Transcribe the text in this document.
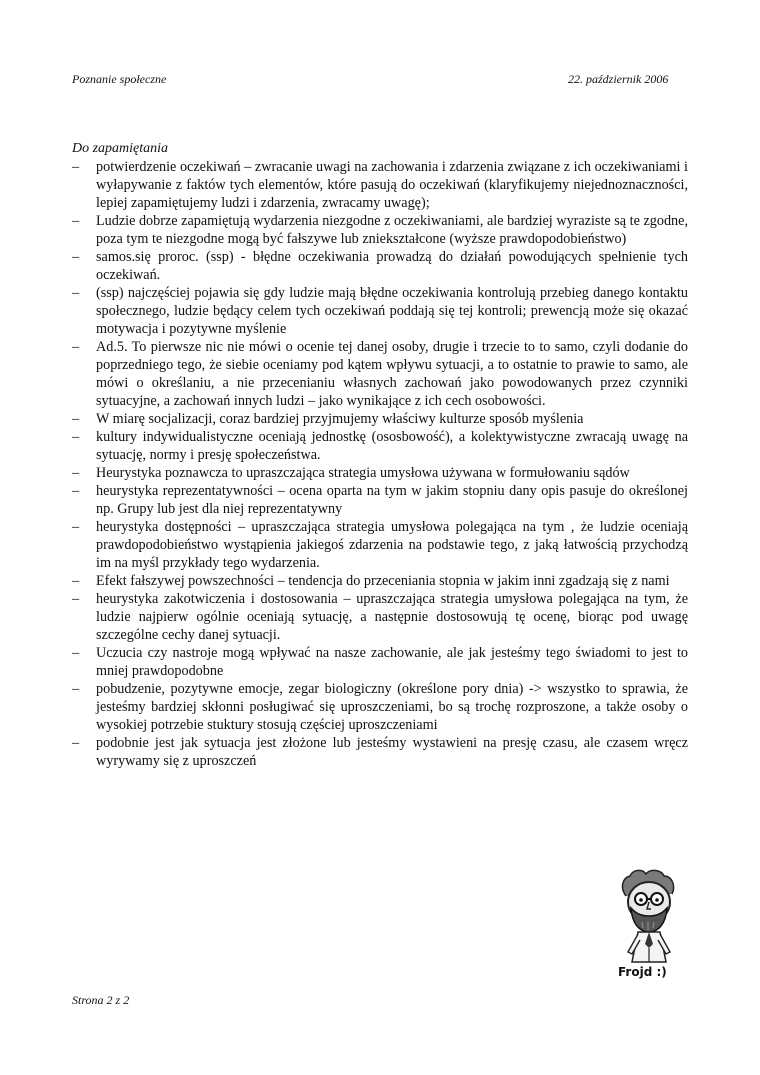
Poznanie społeczne	22. październik 2006
Do zapamiętania
–	potwierdzenie oczekiwań – zwracanie uwagi na zachowania i zdarzenia związane z ich oczekiwaniami i wyłapywanie z faktów tych elementów, które pasują do oczekiwań (klaryfikujemy niejednoznaczności, lepiej zapamiętujemy ludzi i zdarzenia, zwracamy uwagę);
–	Ludzie dobrze zapamiętują wydarzenia niezgodne z oczekiwaniami, ale bardziej wyraziste są te zgodne, poza tym te niezgodne mogą być fałszywe lub zniekształcone (wyższe prawdopodobieństwo)
–	samos.się proroc. (ssp) - błędne oczekiwania prowadzą do działań powodujących spełnienie tych oczekiwań.
–	(ssp) najczęściej pojawia się gdy ludzie mają błędne oczekiwania kontrolują przebieg danego kontaktu społecznego, ludzie będący celem tych oczekiwań poddają się tej kontroli; prewencją może się okazać motywacja i pozytywne myślenie
–	Ad.5. To pierwsze nic nie mówi o ocenie tej danej osoby, drugie i trzecie to to samo, czyli dodanie do poprzedniego tego, że siebie oceniamy pod kątem wpływu sytuacji, a to ostatnie to prawie to samo, ale mówi o określaniu, a nie przecenianiu własnych zachowań jako powodowanych przez czynniki sytuacyjne, a zachowań innych ludzi – jako wynikające z ich cech osobowości.
–	W miarę socjalizacji, coraz bardziej przyjmujemy właściwy kulturze sposób myślenia
–	kultury indywidualistyczne oceniają jednostkę (ososbowość), a kolektywistyczne zwracają uwagę na sytuację, normy i presję społeczeństwa.
–	Heurystyka poznawcza to upraszczająca strategia umysłowa używana w formułowaniu sądów
–	heurystyka reprezentatywności – ocena oparta na tym w jakim stopniu dany opis pasuje do określonej np. Grupy lub jest dla niej reprezentatywny
–	heurystyka dostępności – upraszczająca strategia umysłowa polegająca na tym , że ludzie oceniają prawdopodobieństwo wystąpienia jakiegoś zdarzenia na podstawie tego, z jaką łatwością przychodzą im na myśl przykłady tego wydarzenia.
–	Efekt fałszywej powszechności – tendencja do przeceniania stopnia w jakim inni zgadzają się z nami
–	heurystyka zakotwiczenia i dostosowania – upraszczająca strategia umysłowa polegająca na tym, że ludzie najpierw ogólnie oceniają sytuację, a następnie dostosowują tę ocenę, biorąc pod uwagę szczególne cechy danej sytuacji.
–	Uczucia czy nastroje mogą wpływać na nasze zachowanie, ale jak jesteśmy tego świadomi to jest to mniej prawdopodobne
–	pobudzenie, pozytywne emocje, zegar biologiczny (określone pory dnia) -> wszystko to sprawia, że jesteśmy bardziej skłonni posługiwać się uproszczeniami, bo są trochę rozproszone, a także osoby o wysokiej potrzebie stuktury stosują częściej uproszczeniami
–	podobnie jest jak sytuacja jest złożone lub jesteśmy wystawieni na presję czasu, ale czasem wręcz wyrywamy się z uproszczeń
Frojd :)
Strona 2 z 2
